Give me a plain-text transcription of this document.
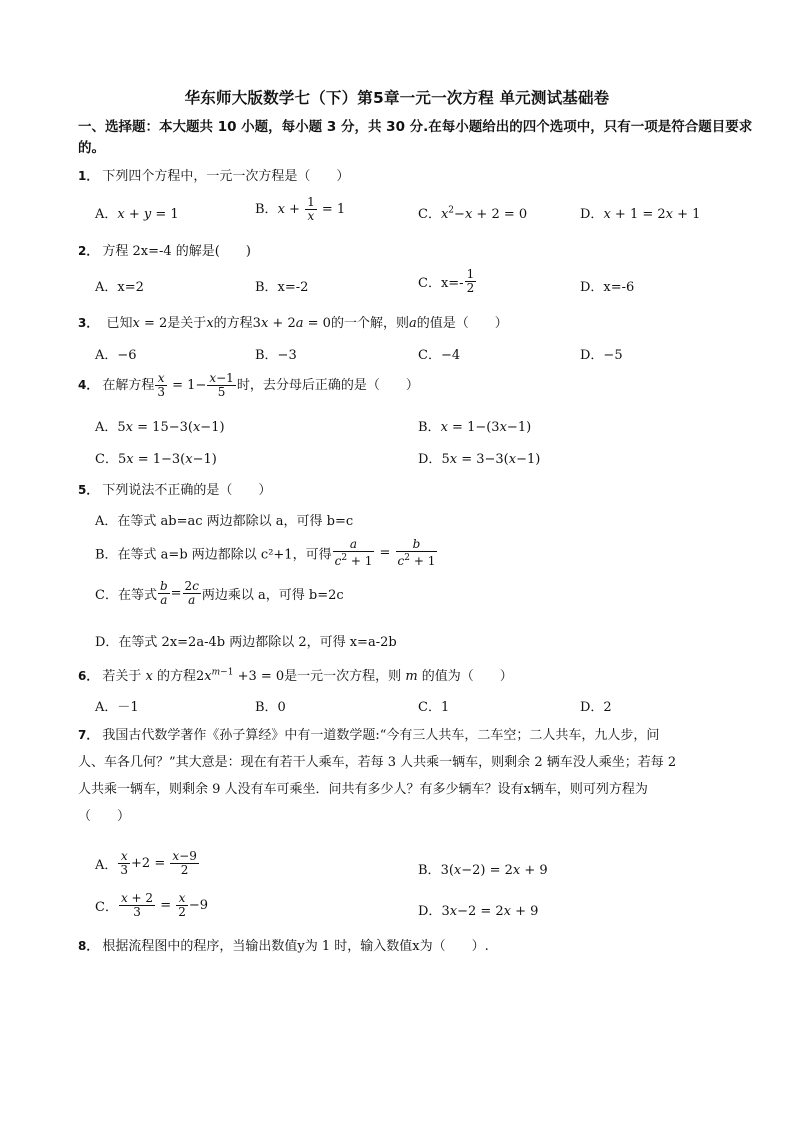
华东师大版数学七（下）第5章一元一次方程 单元测试基础卷
一、选择题：本大题共 10 小题，每小题 3 分，共 30 分.在每小题给出的四个选项中，只有一项是符合题目要求的。
1． 下列四个方程中，一元一次方程是（　　）
A．x + y = 1	B．$x + \frac{1}{x} = 1$	C．$x^2-x + 2 = 0$	D．x + 1 = 2x + 1
2． 方程 2x=-4 的解是(　　)
A．x=2	B．x=-2	C．$x=- \frac{1}{2}$	D．x=-6
3． 已知x = 2是关于x的方程3x + 2a = 0的一个解，则a的值是（　　）
A．−6	B．−3	C．−4	D．−5
4． 在解方程 $\frac{x}{3} = 1- \frac{x-1}{5}$ 时，去分母后正确的是（　　）
A．5x = 15−3(x−1)	B．x = 1−(3x−1)
C．5x = 1−3(x−1)	D．5x = 3−3(x−1)
5． 下列说法不正确的是（　　）
A．在等式 ab=ac 两边都除以 a，可得 b=c
B．在等式 a=b 两边都除以 c²+1，可得 $\frac{a}{c^2 + 1} = \frac{b}{c^2 + 1}$
C．在等式 $\frac{b}{a} = \frac{2c}{a}$ 两边乘以 a，可得 b=2c
D．在等式 2x=2a-4b 两边都除以 2，可得 x=a-2b
6． 若关于 x 的方程$2x^{m-1} +3 = 0$是一元一次方程，则 m 的值为（　　）
A．－1	B．0	C．1	D．2
7． 我国古代数学著作《孙子算经》中有一道数学题:“今有三人共车，二车空；二人共车，九人步，问
人、车各几何？”其大意是：现在有若干人乘车，若每 3 人共乘一辆车，则剩余 2 辆车没人乘坐；若每 2
人共乘一辆车，则剩余 9 人没有车可乘坐．问共有多少人？有多少辆车？设有x辆车，则可列方程为
（　　）
A． $\frac{x}{3} +2 = \frac{x-9}{2}$	B．3(x−2) = 2x + 9
C． $\frac{x + 2}{3} = \frac{x}{2} -9$	D．3x−2 = 2x + 9
8． 根据流程图中的程序，当输出数值y为 1 时，输入数值x为（　　）.
